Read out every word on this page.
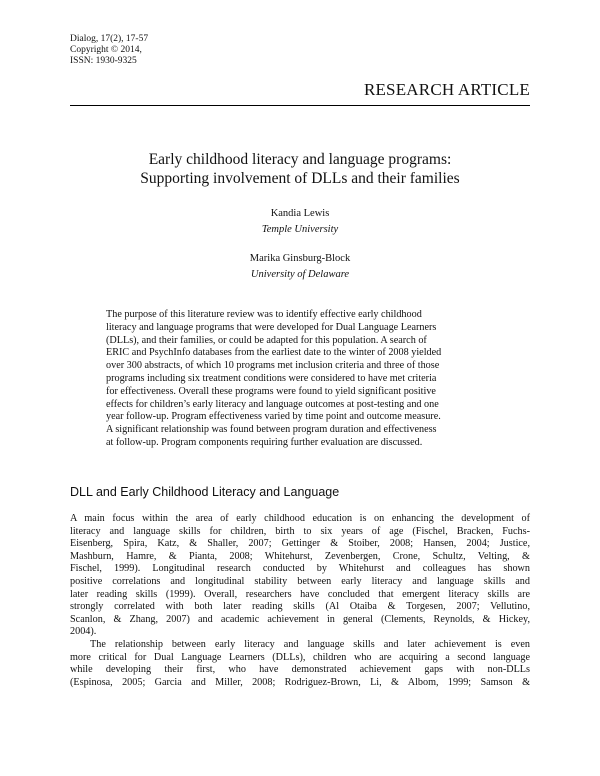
Dialog, 17(2), 17-57
Copyright © 2014,
ISSN: 1930-9325
RESEARCH ARTICLE
Early childhood literacy and language programs:
Supporting involvement of DLLs and their families
Kandia Lewis
Temple University
Marika Ginsburg-Block
University of Delaware
The purpose of this literature review was to identify effective early childhood
literacy and language programs that were developed for Dual Language Learners
(DLLs), and their families, or could be adapted for this population. A search of
ERIC and PsychInfo databases from the earliest date to the winter of 2008 yielded
over 300 abstracts, of which 10 programs met inclusion criteria and three of those
programs including six treatment conditions were considered to have met criteria
for effectiveness. Overall these programs were found to yield significant positive
effects for children’s early literacy and language outcomes at post-testing and one
year follow-up. Program effectiveness varied by time point and outcome measure.
A significant relationship was found between program duration and effectiveness
at follow-up. Program components requiring further evaluation are discussed.
DLL and Early Childhood Literacy and Language
A main focus within the area of early childhood education is on enhancing the development of
literacy and language skills for children, birth to six years of age (Fischel, Bracken, Fuchs-
Eisenberg, Spira, Katz, & Shaller, 2007; Gettinger & Stoiber, 2008; Hansen, 2004; Justice,
Mashburn, Hamre, & Pianta, 2008; Whitehurst, Zevenbergen, Crone, Schultz, Velting, &
Fischel, 1999). Longitudinal research conducted by Whitehurst and colleagues has shown
positive correlations and longitudinal stability between early literacy and language skills and
later reading skills (1999). Overall, researchers have concluded that emergent literacy skills are
strongly correlated with both later reading skills (Al Otaiba & Torgesen, 2007; Vellutino,
Scanlon, & Zhang, 2007) and academic achievement in general (Clements, Reynolds, & Hickey,
2004).
The relationship between early literacy and language skills and later achievement is even
more critical for Dual Language Learners (DLLs), children who are acquiring a second language
while developing their first, who have demonstrated achievement gaps with non-DLLs
(Espinosa, 2005; Garcia and Miller, 2008; Rodriguez-Brown, Li, & Albom, 1999; Samson &
